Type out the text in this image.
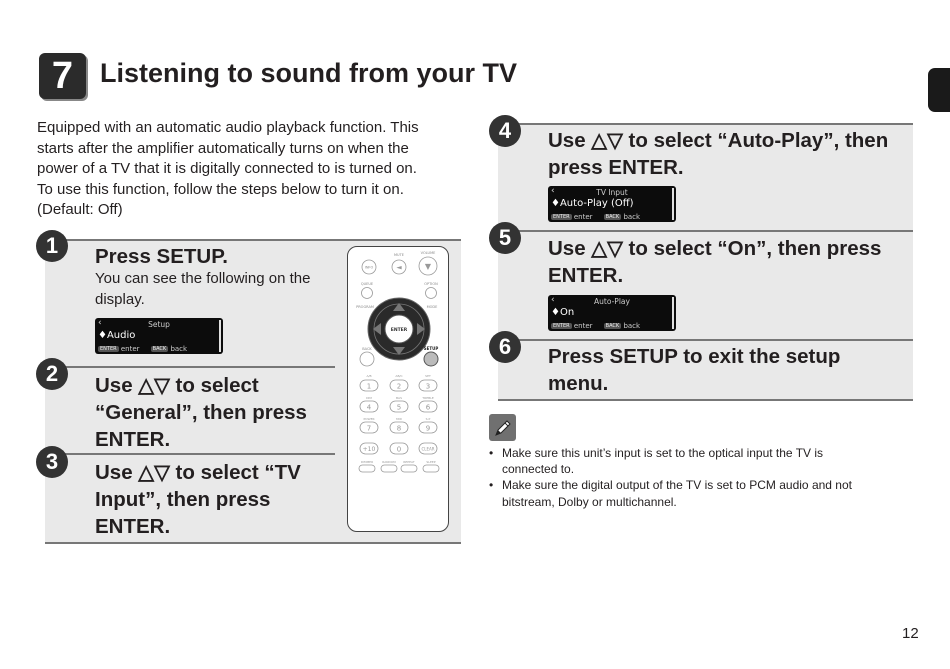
7 Listening to sound from your TV
Equipped with an automatic audio playback function. This
starts after the amplifier automatically turns on when the
power of a TV that it is digitally connected to is turned on.
To use this function, follow the steps below to turn it on.
(Default: Off)
1	Press SETUP.
You can see the following on the
display.
‹	Setup
♦Audio
ENTER enter	BACK back
2	Use △▽ to select
“General”, then press
ENTER.
3	Use △▽ to select “TV
Input”, then press
ENTER.
MUTE	VOLUME
INFO	◄	▼
QUEUE	OPTION
PROGRAM	MODE
ENTER
BACK	SETUP
A/B	AB/C	SET
1	2	3
DIM	BAS	TREBLE
4	5	6
POWER	MID	S.P
7	8	9
+10	0	CLEAR
DIMMER	RANDOM	REPEAT	SLEEP
4	Use △▽ to select “Auto-Play”, then
press ENTER.
‹	TV Input
♦Auto-Play (Off)
ENTER enter	BACK back
5	Use △▽ to select “On”, then press
ENTER.
‹	Auto-Play
♦On
ENTER enter	BACK back
6	Press SETUP to exit the setup
menu.
• Make sure this unit’s input is set to the optical input the TV is
connected to.
• Make sure the digital output of the TV is set to PCM audio and not
bitstream, Dolby or multichannel.
12
